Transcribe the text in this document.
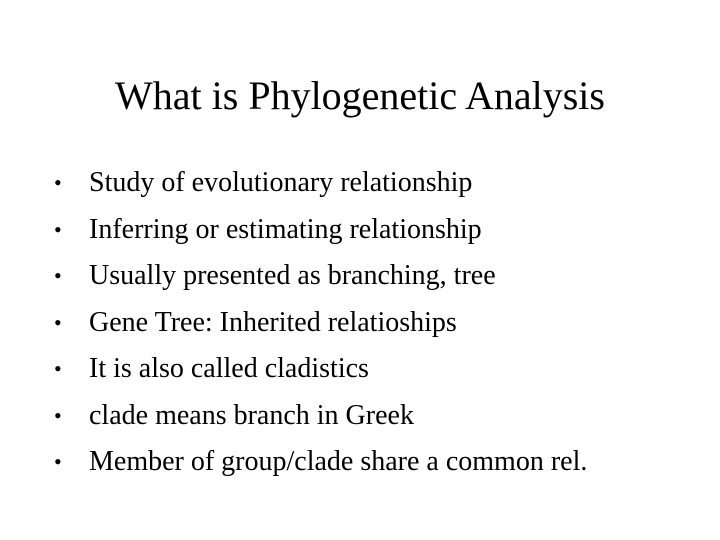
What is Phylogenetic Analysis
• Study of evolutionary relationship
• Inferring or estimating relationship
• Usually presented as branching, tree
• Gene Tree: Inherited relatioships
• It is also called cladistics
• clade means branch in Greek
• Member of group/clade share a common rel.
